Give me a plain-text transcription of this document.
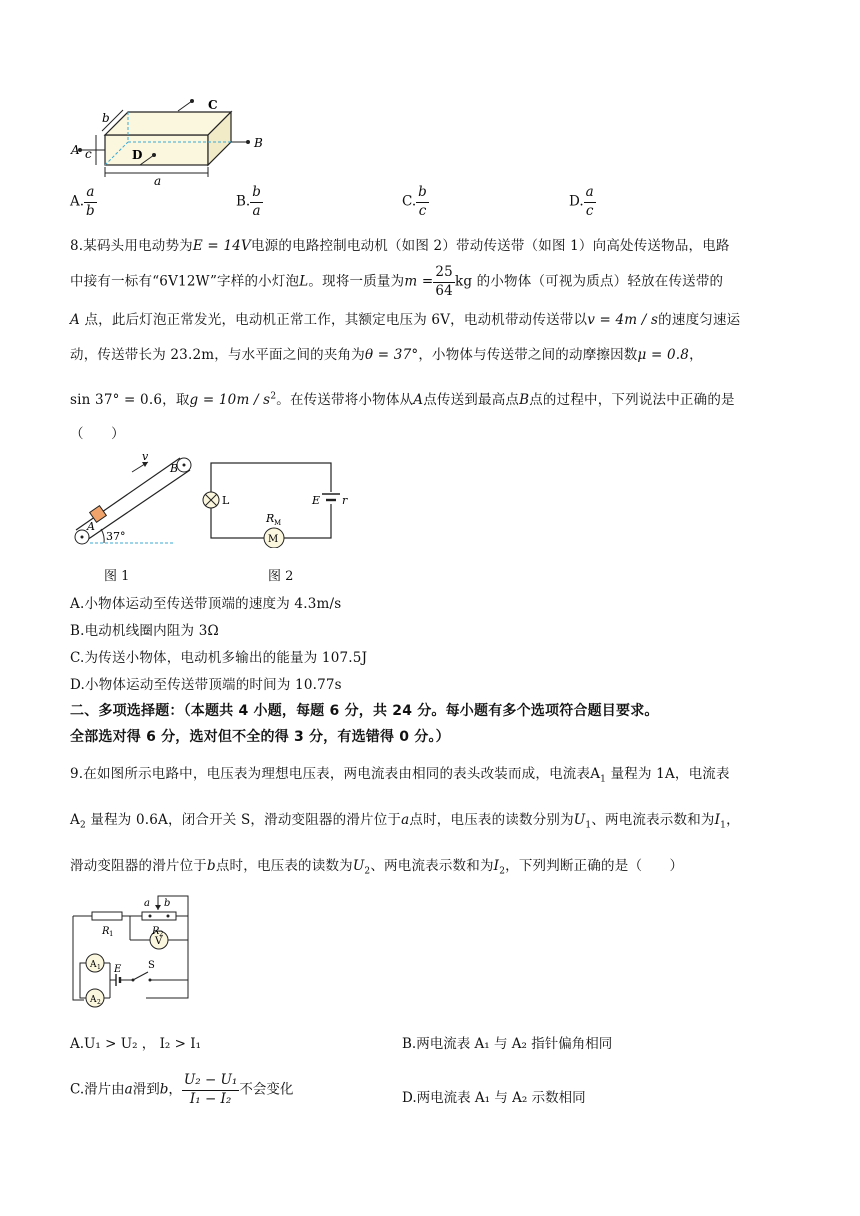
A	B
C
D
a
b
c
A. $\frac{a}{b}$	B. $\frac{b}{a}$	C. $\frac{b}{c}$	D. $\frac{a}{c}$
8.某码头用电动势为E = 14V电源的电路控制电动机（如图 2）带动传送带（如图 1）向高处传送物品，电路
中接有一标有“6V12W”字样的小灯泡L。现将一质量为$m = \frac{25}{64}$ kg 的小物体（可视为质点）轻放在传送带的
A 点，此后灯泡正常发光，电动机正常工作，其额定电压为 6V，电动机带动传送带以v = 4m / s的速度匀速运
动，传送带长为 23.2m，与水平面之间的夹角为θ = 37°，小物体与传送带之间的动摩擦因数μ = 0.8，
sin 37° = 0.6，取$g = 10m / s^2$。在传送带将小物体从A点传送到最高点B点的过程中，下列说法中正确的是
（　　）
v
B
A
37°
图 1
L
M
R M
E r
图 2
A.小物体运动至传送带顶端的速度为 4.3m/s
B.电动机线圈内阻为 3Ω
C.为传送小物体，电动机多输出的能量为 107.5J
D.小物体运动至传送带顶端的时间为 10.77s
二、多项选择题：（本题共 4 小题，每题 6 分，共 24 分。每小题有多个选项符合题目要求。
全部选对得 6 分，选对但不全的得 3 分，有选错得 0 分。）
9.在如图所示电路中，电压表为理想电压表，两电流表由相同的表头改装而成，电流表$A_1$ 量程为 1A，电流表
$A_2$ 量程为 0.6A，闭合开关 S，滑动变阻器的滑片位于a点时，电压表的读数分别为$U_1$、两电流表示数和为$I_1$，
滑动变阻器的滑片位于b点时，电压表的读数为$U_2$、两电流表示数和为$I_2$，下列判断正确的是（　　）
a b
R 1	R 2
V
A 1
A 2
E	S
A.U₁ > U₂ ， I₂ > I₁	B.两电流表 A₁ 与 A₂ 指针偏角相同
C.滑片由a滑到b， $\frac{\text{U₂ − U₁}}{\text{I₁ − I₂}}$ 不会变化
D.两电流表 A₁ 与 A₂ 示数相同
